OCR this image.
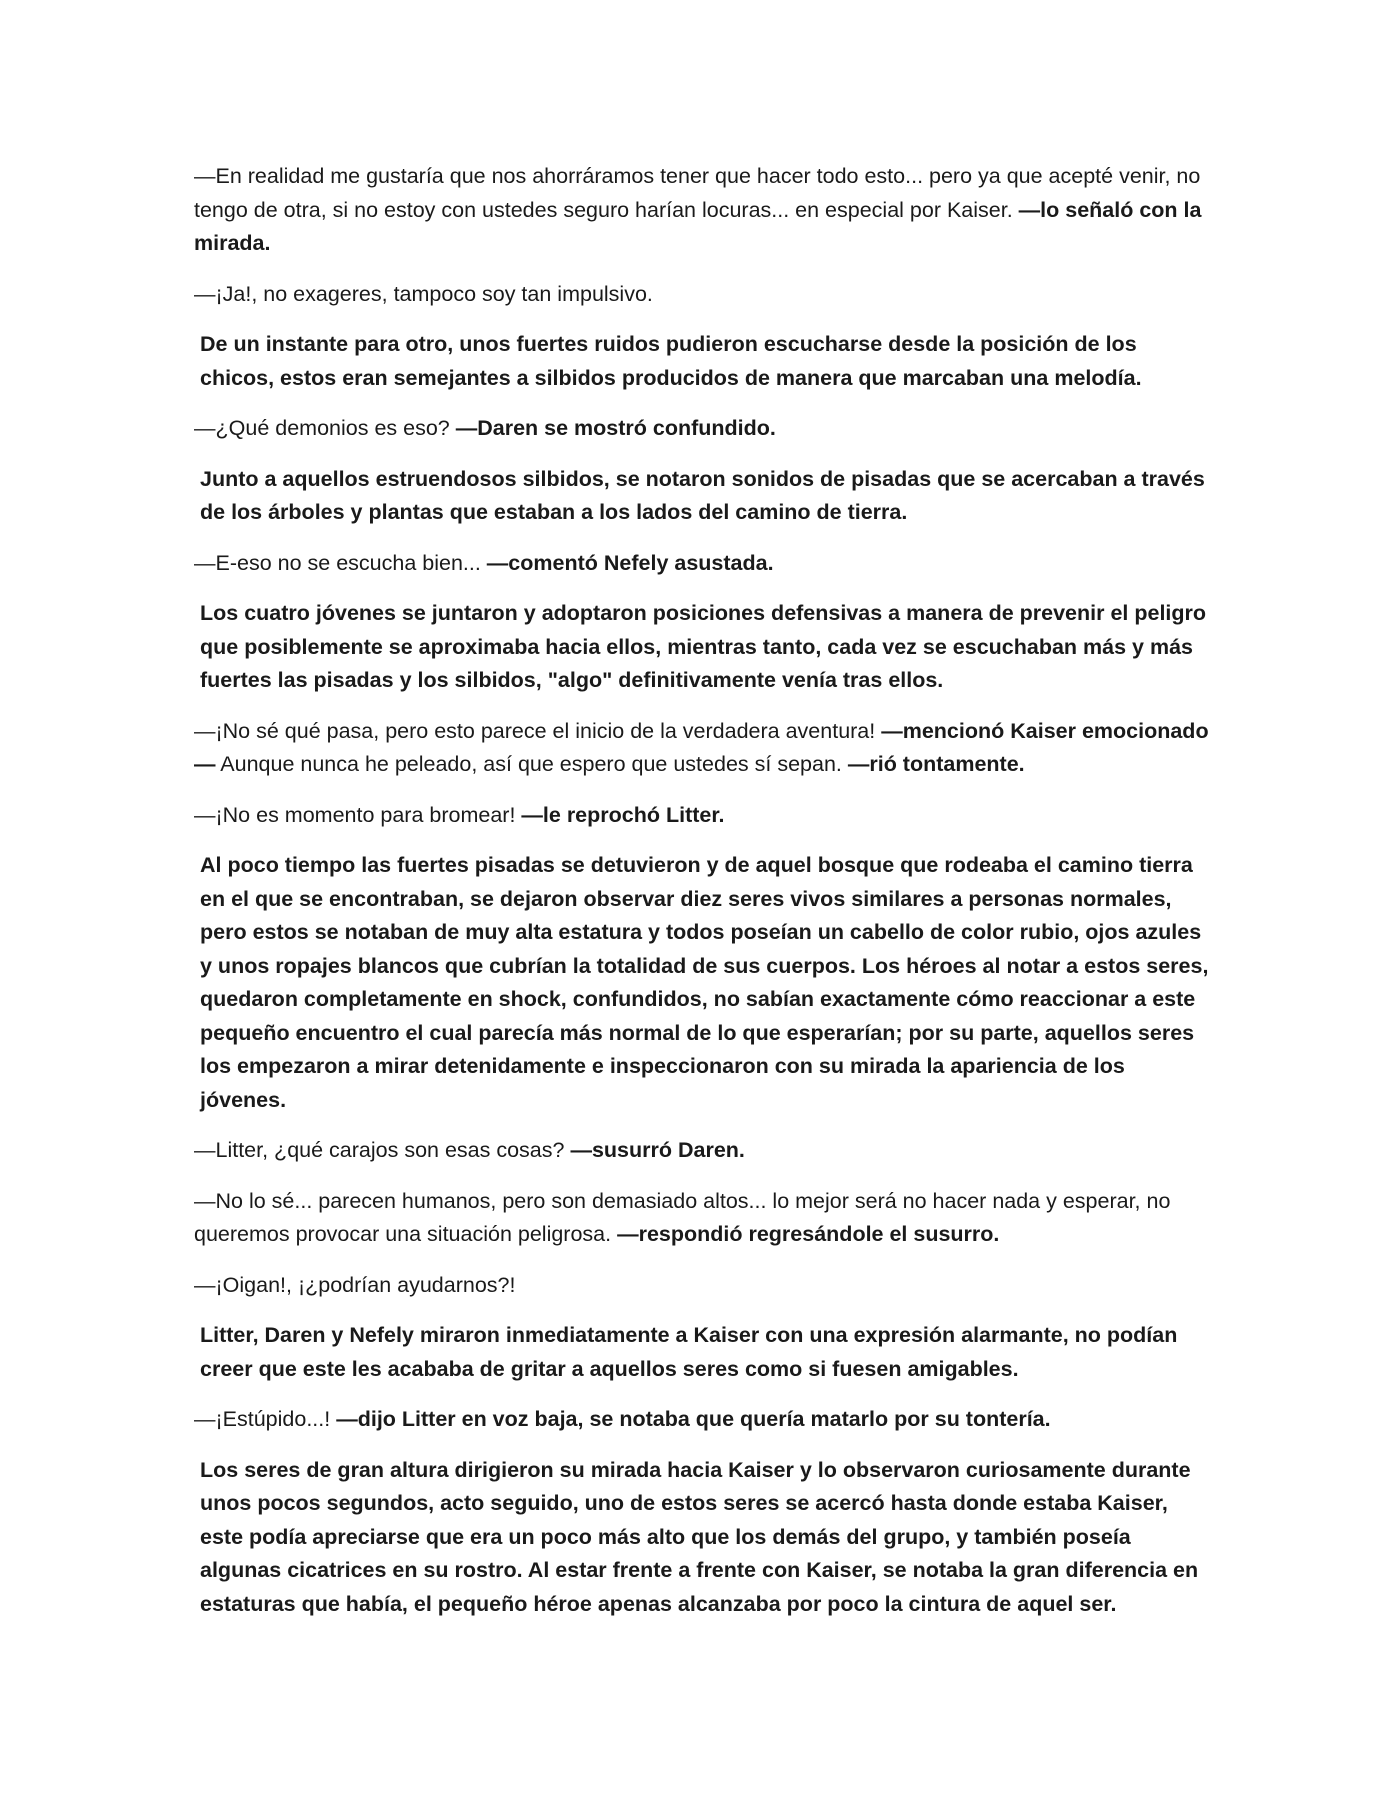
—En realidad me gustaría que nos ahorráramos tener que hacer todo esto... pero ya que acepté venir, no tengo de otra, si no estoy con ustedes seguro harían locuras... en especial por Kaiser. —lo señaló con la mirada.

—¡Ja!, no exageres, tampoco soy tan impulsivo.

De un instante para otro, unos fuertes ruidos pudieron escucharse desde la posición de los chicos, estos eran semejantes a silbidos producidos de manera que marcaban una melodía.

—¿Qué demonios es eso? —Daren se mostró confundido.

Junto a aquellos estruendosos silbidos, se notaron sonidos de pisadas que se acercaban a través de los árboles y plantas que estaban a los lados del camino de tierra.

—E-eso no se escucha bien... —comentó Nefely asustada.

Los cuatro jóvenes se juntaron y adoptaron posiciones defensivas a manera de prevenir el peligro que posiblemente se aproximaba hacia ellos, mientras tanto, cada vez se escuchaban más y más fuertes las pisadas y los silbidos, "algo" definitivamente venía tras ellos.

—¡No sé qué pasa, pero esto parece el inicio de la verdadera aventura! —mencionó Kaiser emocionado— Aunque nunca he peleado, así que espero que ustedes sí sepan. —rió tontamente.

—¡No es momento para bromear! —le reprochó Litter.

Al poco tiempo las fuertes pisadas se detuvieron y de aquel bosque que rodeaba el camino tierra en el que se encontraban, se dejaron observar diez seres vivos similares a personas normales, pero estos se notaban de muy alta estatura y todos poseían un cabello de color rubio, ojos azules y unos ropajes blancos que cubrían la totalidad de sus cuerpos. Los héroes al notar a estos seres, quedaron completamente en shock, confundidos, no sabían exactamente cómo reaccionar a este pequeño encuentro el cual parecía más normal de lo que esperarían; por su parte, aquellos seres los empezaron a mirar detenidamente e inspeccionaron con su mirada la apariencia de los jóvenes.

—Litter, ¿qué carajos son esas cosas? —susurró Daren.

—No lo sé... parecen humanos, pero son demasiado altos... lo mejor será no hacer nada y esperar, no queremos provocar una situación peligrosa. —respondió regresándole el susurro.

—¡Oigan!, ¡¿podrían ayudarnos?!

Litter, Daren y Nefely miraron inmediatamente a Kaiser con una expresión alarmante, no podían creer que este les acababa de gritar a aquellos seres como si fuesen amigables.

—¡Estúpido...! —dijo Litter en voz baja, se notaba que quería matarlo por su tontería.

Los seres de gran altura dirigieron su mirada hacia Kaiser y lo observaron curiosamente durante unos pocos segundos, acto seguido, uno de estos seres se acercó hasta donde estaba Kaiser, este podía apreciarse que era un poco más alto que los demás del grupo, y también poseía algunas cicatrices en su rostro. Al estar frente a frente con Kaiser, se notaba la gran diferencia en estaturas que había, el pequeño héroe apenas alcanzaba por poco la cintura de aquel ser.
